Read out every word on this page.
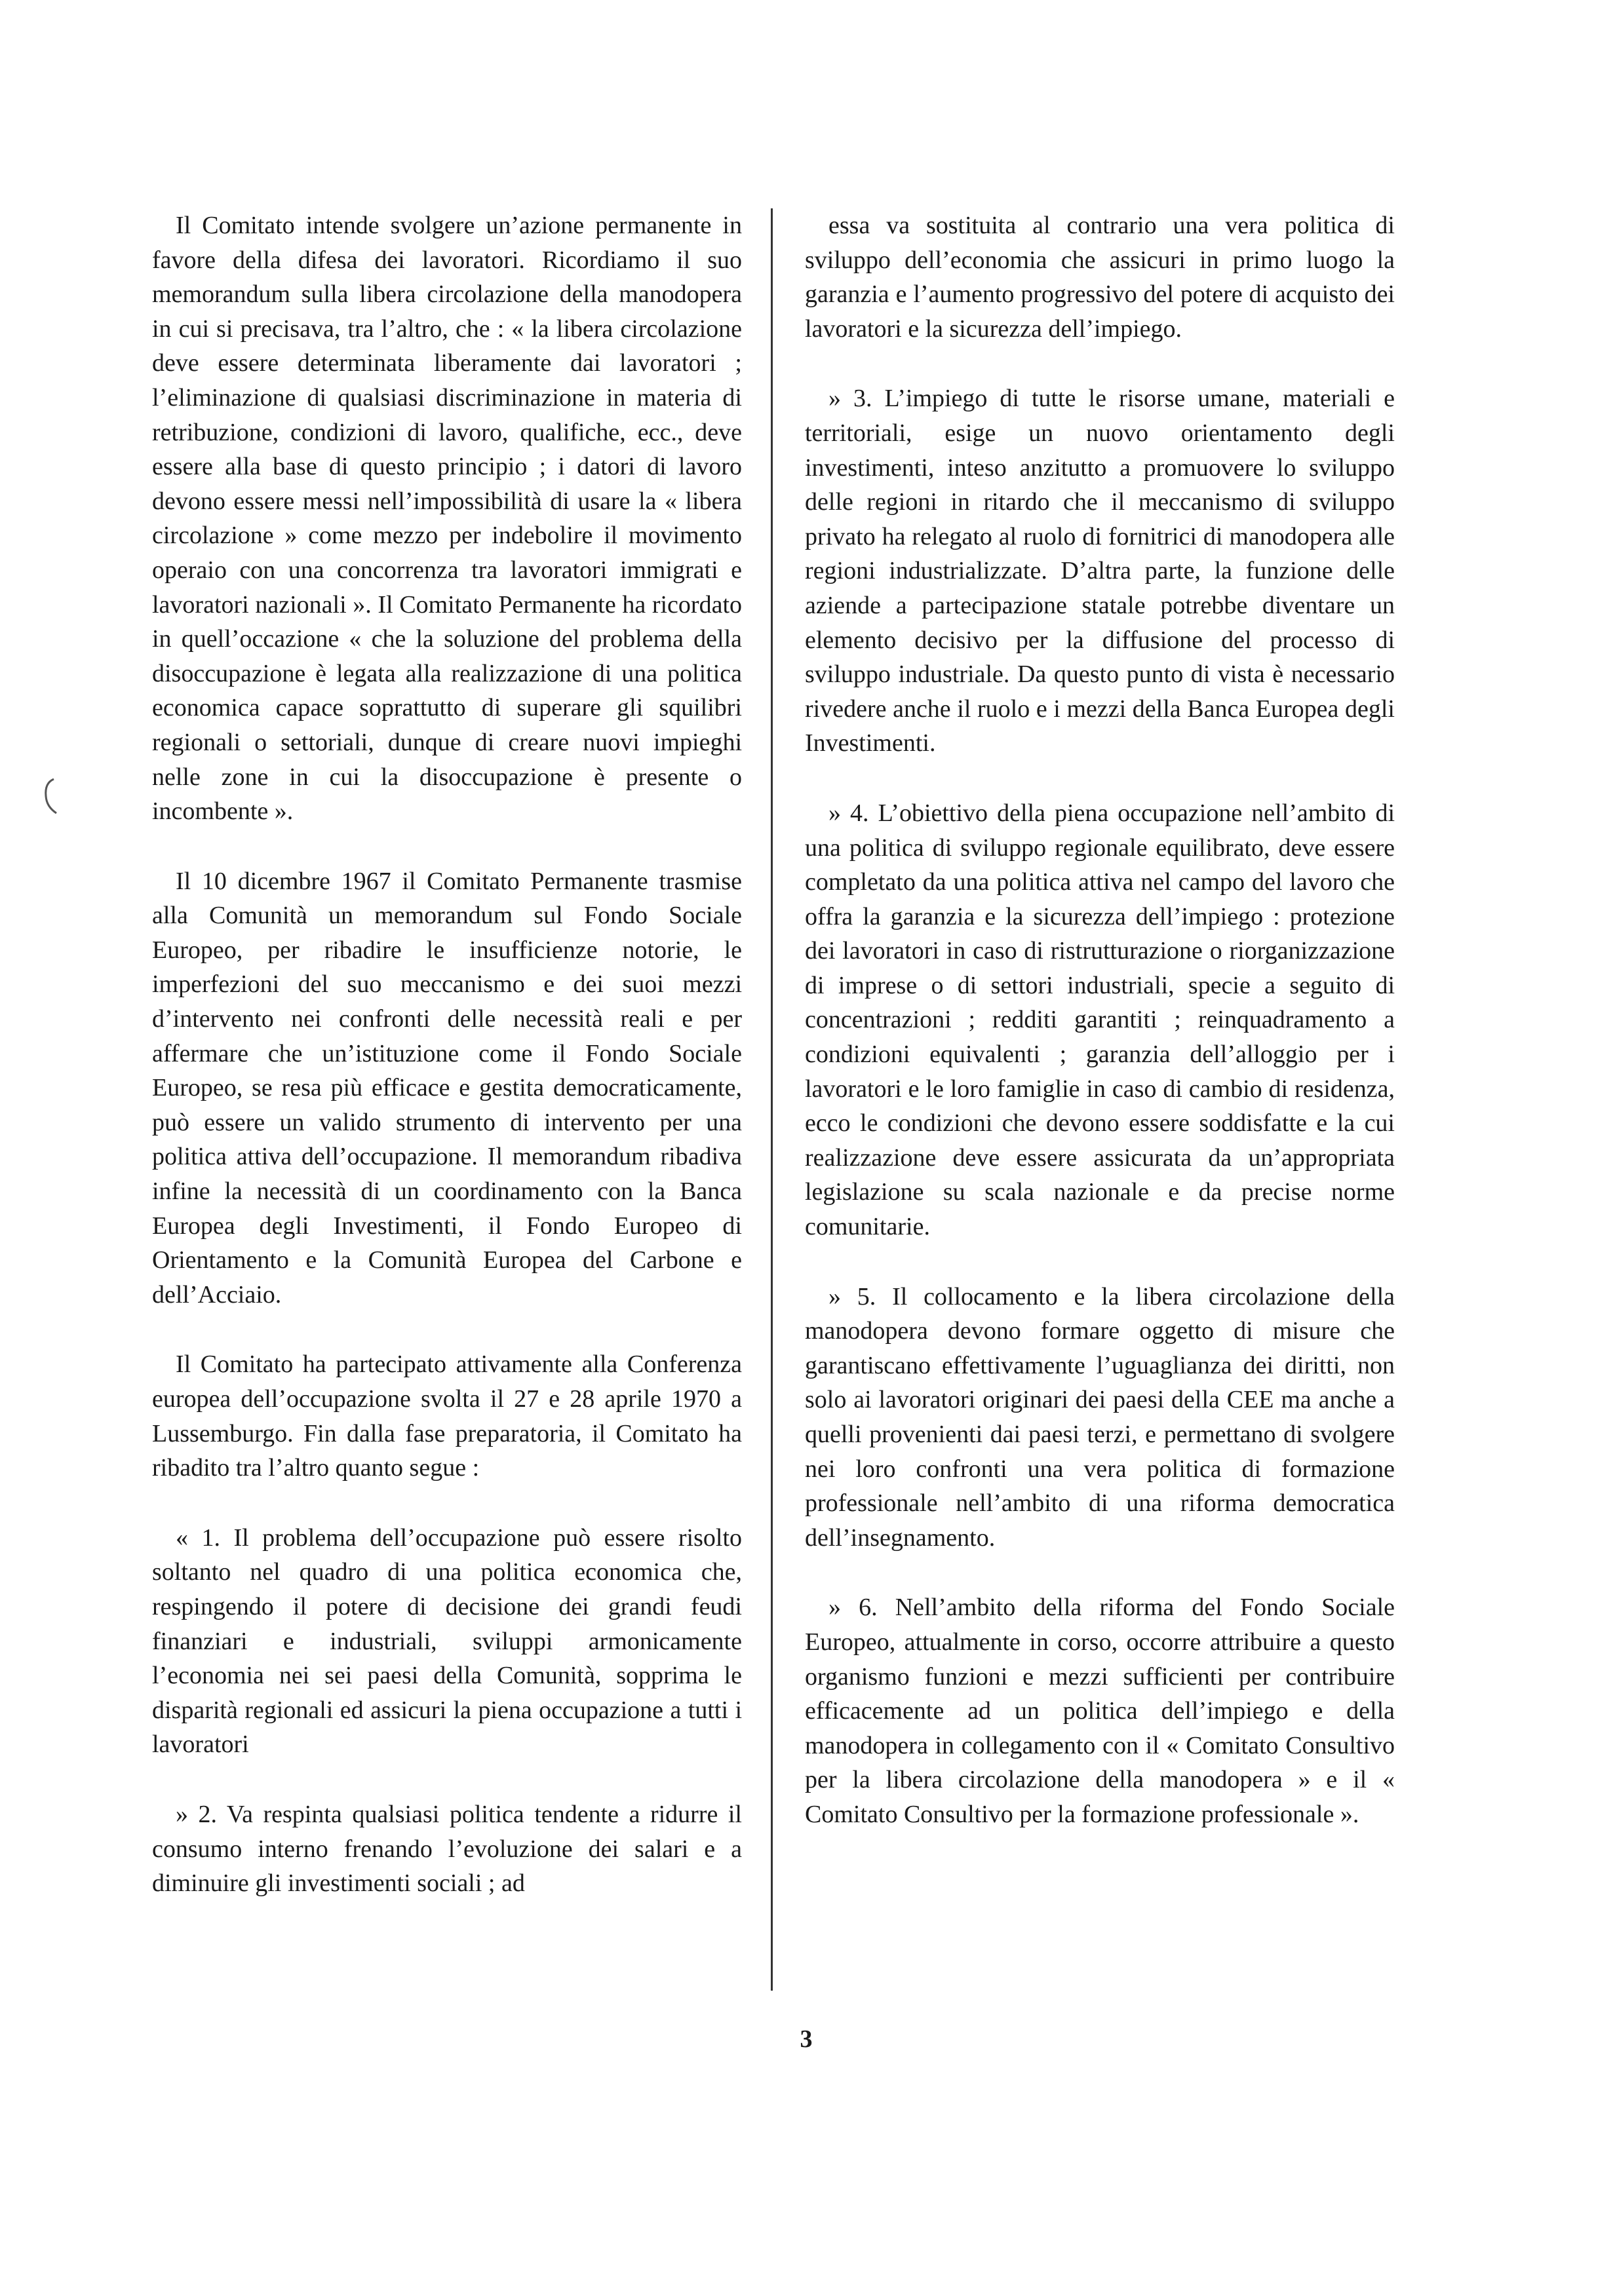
Il Comitato intende svolgere un’azione permanente in favore della difesa dei lavoratori. Ricordiamo il suo memorandum sulla libera circolazione della manodopera in cui si precisava, tra l’altro, che : « la libera circolazione deve essere determinata liberamente dai lavoratori ; l’eliminazione di qualsiasi discriminazione in materia di retribuzione, condizioni di lavoro, qualifiche, ecc., deve essere alla base di questo principio ; i datori di lavoro devono essere messi nell’impossibilità di usare la « libera circolazione » come mezzo per indebolire il movimento operaio con una concorrenza tra lavoratori immigrati e lavoratori nazionali ». Il Comitato Permanente ha ricordato in quell’occazione « che la soluzione del problema della disoccupazione è legata alla realizzazione di una politica economica capace soprattutto di superare gli squilibri regionali o settoriali, dunque di creare nuovi impieghi nelle zone in cui la disoccupazione è presente o incombente ».

Il 10 dicembre 1967 il Comitato Permanente trasmise alla Comunità un memorandum sul Fondo Sociale Europeo, per ribadire le insufficienze notorie, le imperfezioni del suo meccanismo e dei suoi mezzi d’intervento nei confronti delle necessità reali e per affermare che un’istituzione come il Fondo Sociale Europeo, se resa più efficace e gestita democraticamente, può essere un valido strumento di intervento per una politica attiva dell’occupazione. Il memorandum ribadiva infine la necessità di un coordinamento con la Banca Europea degli Investimenti, il Fondo Europeo di Orientamento e la Comunità Europea del Carbone e dell’Acciaio.

Il Comitato ha partecipato attivamente alla Conferenza europea dell’occupazione svolta il 27 e 28 aprile 1970 a Lussemburgo. Fin dalla fase preparatoria, il Comitato ha ribadito tra l’altro quanto segue :

« 1. Il problema dell’occupazione può essere risolto soltanto nel quadro di una politica economica che, respingendo il potere di decisione dei grandi feudi finanziari e industriali, sviluppi armonicamente l’economia nei sei paesi della Comunità, sopprima le disparità regionali ed assicuri la piena occupazione a tutti i lavoratori

» 2. Va respinta qualsiasi politica tendente a ridurre il consumo interno frenando l’evoluzione dei salari e a diminuire gli investimenti sociali ; ad

essa va sostituita al contrario una vera politica di sviluppo dell’economia che assicuri in primo luogo la garanzia e l’aumento progressivo del potere di acquisto dei lavoratori e la sicurezza dell’impiego.

» 3. L’impiego di tutte le risorse umane, materiali e territoriali, esige un nuovo orientamento degli investimenti, inteso anzitutto a promuovere lo sviluppo delle regioni in ritardo che il meccanismo di sviluppo privato ha relegato al ruolo di fornitrici di manodopera alle regioni industrializzate. D’altra parte, la funzione delle aziende a partecipazione statale potrebbe diventare un elemento decisivo per la diffusione del processo di sviluppo industriale. Da questo punto di vista è necessario rivedere anche il ruolo e i mezzi della Banca Europea degli Investimenti.

» 4. L’obiettivo della piena occupazione nell’ambito di una politica di sviluppo regionale equilibrato, deve essere completato da una politica attiva nel campo del lavoro che offra la garanzia e la sicurezza dell’impiego : protezione dei lavoratori in caso di ristrutturazione o riorganizzazione di imprese o di settori industriali, specie a seguito di concentrazioni ; redditi garantiti ; reinquadramento a condizioni equivalenti ; garanzia dell’alloggio per i lavoratori e le loro famiglie in caso di cambio di residenza, ecco le condizioni che devono essere soddisfatte e la cui realizzazione deve essere assicurata da un’appropriata legislazione su scala nazionale e da precise norme comunitarie.

» 5. Il collocamento e la libera circolazione della manodopera devono formare oggetto di misure che garantiscano effettivamente l’uguaglianza dei diritti, non solo ai lavoratori originari dei paesi della CEE ma anche a quelli provenienti dai paesi terzi, e permettano di svolgere nei loro confronti una vera politica di formazione professionale nell’ambito di una riforma democratica dell’insegnamento.

» 6. Nell’ambito della riforma del Fondo Sociale Europeo, attualmente in corso, occorre attribuire a questo organismo funzioni e mezzi sufficienti per contribuire efficacemente ad un politica dell’impiego e della manodopera in collegamento con il « Comitato Consultivo per la libera circolazione della manodopera » e il « Comitato Consultivo per la formazione professionale ».

3
